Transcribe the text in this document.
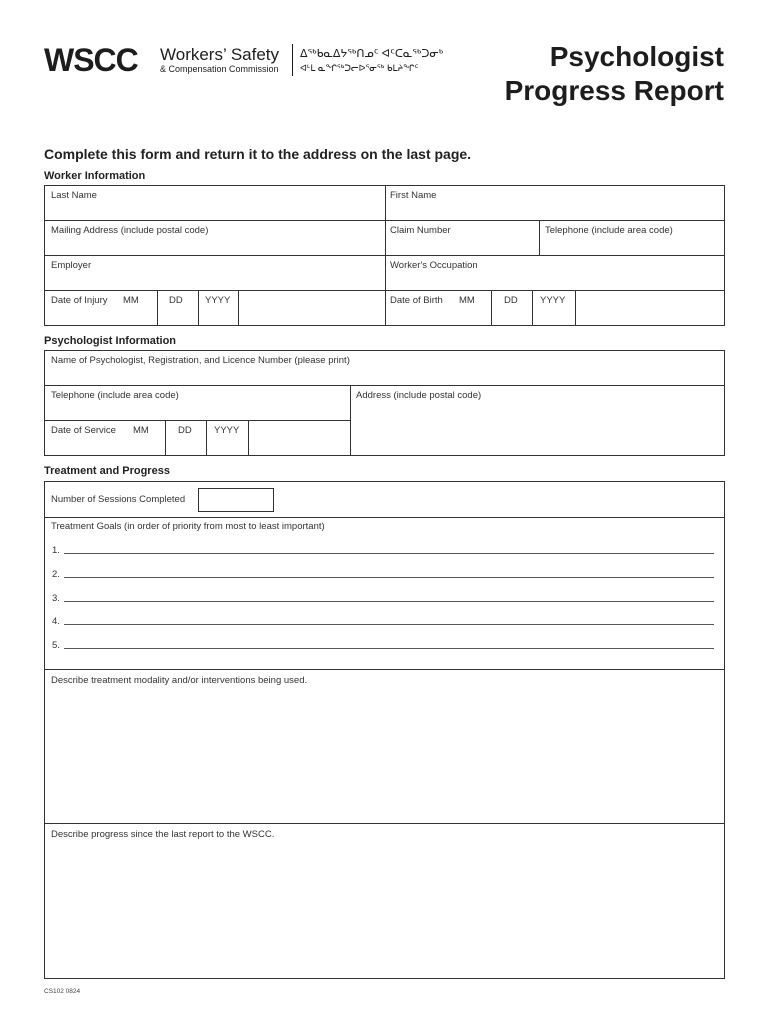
WSCC Workers’ Safety
& Compensation Commission
ᐃᖅᑲᓇᐃᔭᖅᑎᓄᑦ ᐊᑦᑕᓇᖅᑐᓂᒃ
ᐊᒻᒪ ᓇᖏᖅᑐᓕᐅᕐᓂᖅ ᑲᒪᔨᖏᑦ	Psychologist
Progress Report
Complete this form and return it to the address on the last page.
Worker Information
Last Name	First Name
Mailing Address (include postal code)	Claim Number	Telephone (include area code)
Employer	Worker's Occupation
Date of Injury MM	DD YYYY	Date of Birth MM	DD YYYY
Psychologist Information
Name of Psychologist, Registration, and Licence Number (please print)
Telephone (include area code)	Address (include postal code)
Date of Service MM	DD YYYY
Treatment and Progress
Number of Sessions Completed
Treatment Goals (in order of priority from most to least important)
1.
2.
3.
4.
5.
Describe treatment modality and/or interventions being used.
Describe progress since the last report to the WSCC.
CS102 0824
